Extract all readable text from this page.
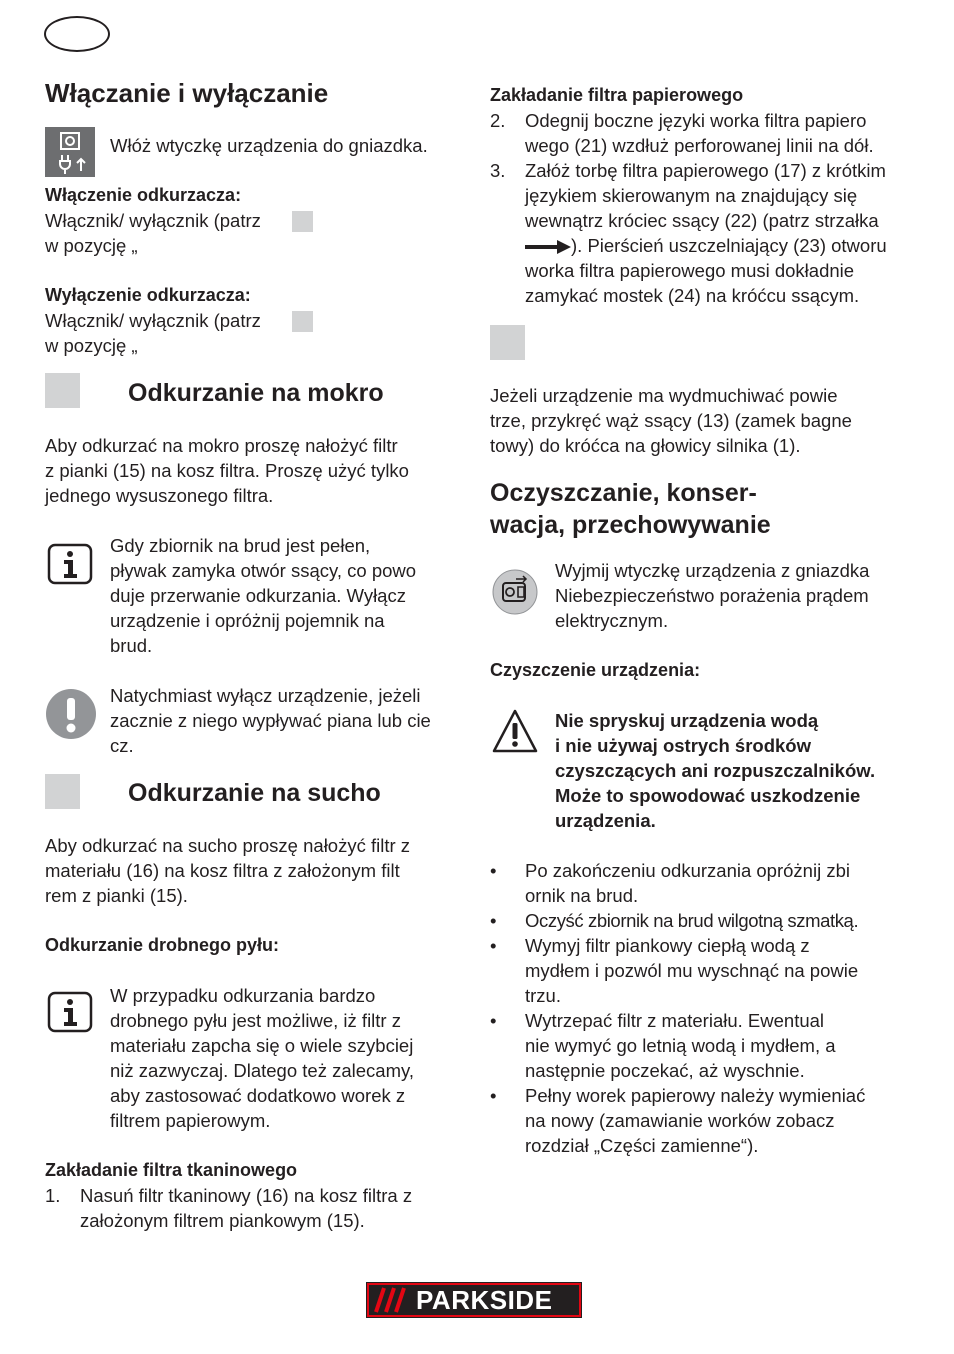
Włączanie i wyłączanie
Włóż wtyczkę urządzenia do gniazdka.
Włączenie odkurzacza:
Włącznik/ wyłącznik (patrz
w pozycję „
Wyłączenie odkurzacza:
Włącznik/ wyłącznik (patrz
w pozycję „
Odkurzanie na mokro
Aby odkurzać na mokro proszę nałożyć filtr
z pianki (15) na kosz filtra. Proszę użyć tylko
jednego wysuszonego filtra.
Gdy zbiornik na brud jest pełen,
pływak zamyka otwór ssący, co powo
duje przerwanie odkurzania. Wyłącz
urządzenie i opróżnij pojemnik na
brud.
Natychmiast wyłącz urządzenie, jeżeli
zacznie z niego wypływać piana lub cie
cz.
Odkurzanie na sucho
Aby odkurzać na sucho proszę nałożyć filtr z
materiału (16) na kosz filtra z założonym filt
rem z pianki (15).
Odkurzanie drobnego pyłu:
W przypadku odkurzania bardzo
drobnego pyłu jest możliwe, iż filtr z
materiału zapcha się o wiele szybciej
niż zazwyczaj. Dlatego też zalecamy,
aby zastosować dodatkowo worek z
filtrem papierowym.
Zakładanie filtra tkaninowego
1. Nasuń filtr tkaninowy (16) na kosz filtra z
założonym filtrem piankowym (15).
Zakładanie filtra papierowego
2. Odegnij boczne języki worka filtra papiero
wego (21) wzdłuż perforowanej linii na dół.
3. Załóż torbę filtra papierowego (17) z krótkim
językiem skierowanym na znajdujący się
wewnątrz króciec ssący (22) (patrz strzałka
). Pierścień uszczelniający (23) otworu
worka filtra papierowego musi dokładnie
zamykać mostek (24) na króćcu ssącym.
Jeżeli urządzenie ma wydmuchiwać powie
trze, przykręć wąż ssący (13) (zamek bagne
towy) do króćca na głowicy silnika (1).
Oczyszczanie, konser-
wacja, przechowywanie
Wyjmij wtyczkę urządzenia z gniazdka
Niebezpieczeństwo porażenia prądem
elektrycznym.
Czyszczenie urządzenia:
Nie spryskuj urządzenia wodą
i nie używaj ostrych środków
czyszczących ani rozpuszczalników.
Może to spowodować uszkodzenie
urządzenia.
• Po zakończeniu odkurzania opróżnij zbi
ornik na brud.
• Oczyść zbiornik na brud wilgotną szmatką.
• Wymyj filtr piankowy ciepłą wodą z
mydłem i pozwól mu wyschnąć na powie
trzu.
• Wytrzepać filtr z materiału. Ewentual
nie wymyć go letnią wodą i mydłem, a
następnie poczekać, aż wyschnie.
• Pełny worek papierowy należy wymieniać
na nowy (zamawianie worków zobacz
rozdział „Części zamienne“).
PARKSIDE
